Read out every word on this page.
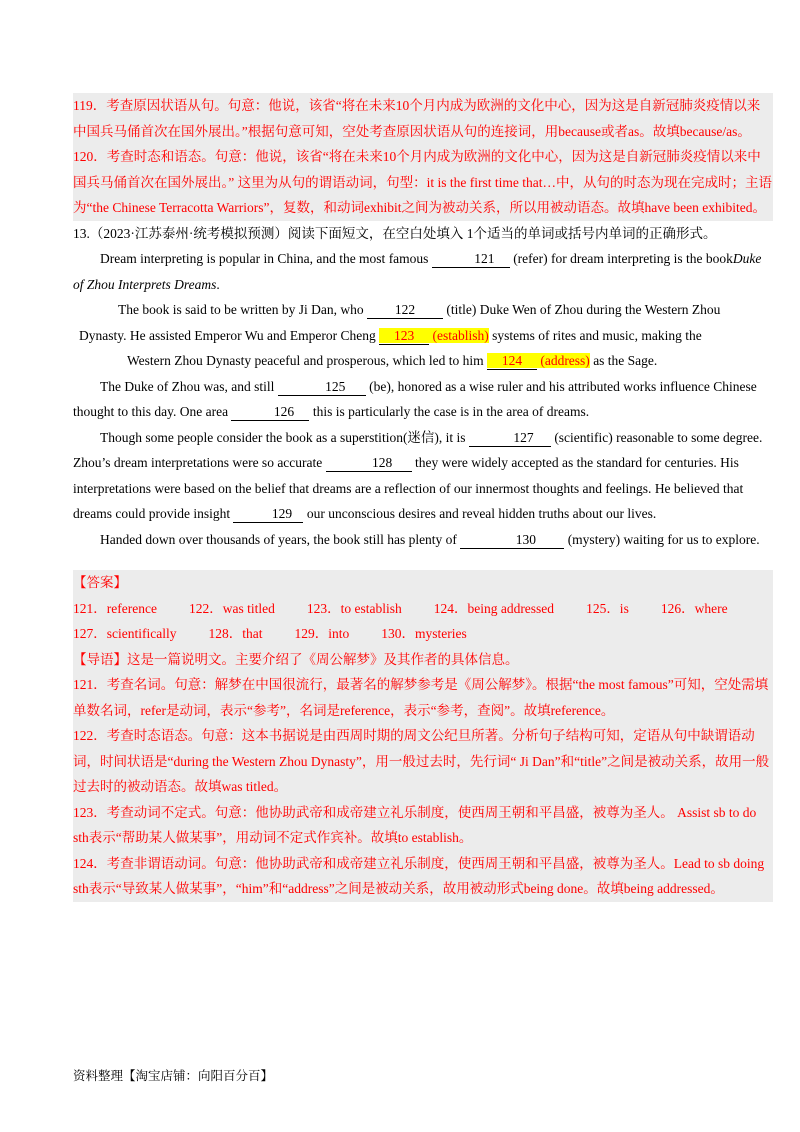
119．考查原因状语从句。句意：他说，该省“将在未来10个月内成为欧洲的文化中心，因为这是自新冠肺炎疫情以来中国兵马俑首次在国外展出。”根据句意可知，空处考查原因状语从句的连接词，用because或者as。故填because/as。

120．考查时态和语态。句意：他说，该省“将在未来10个月内成为欧洲的文化中心，因为这是自新冠肺炎疫情以来中国兵马俑首次在国外展出。” 这里为从句的谓语动词，句型：it is the first time that…中，从句的时态为现在完成时；主语为“the Chinese Terracotta Warriors”，复数，和动词exhibit之间为被动关系，所以用被动语态。故填have been exhibited。

13.（2023·江苏泰州·统考模拟预测）阅读下面短文，在空白处填入 1个适当的单词或括号内单词的正确形式。

Dream interpreting is popular in China, and the most famous	121 (refer) for dream interpreting is the bookDuke of Zhou Interprets Dreams.

The book is said to be written by Ji Dan, who 122 (title) Duke Wen of Zhou during the Western Zhou

Dynasty. He assisted Emperor Wu and Emperor Cheng 123 (establish) systems of rites and music, making the

Western Zhou Dynasty peaceful and prosperous, which led to him 124 (address) as the Sage.

The Duke of Zhou was, and still	125 (be), honored as a wise ruler and his attributed works influence Chinese thought to this day. One area	126 this is particularly the case is in the area of dreams.

Though some people consider the book as a superstition(迷信), it is	127 (scientific) reasonable to some degree. Zhou’s dream interpretations were so accurate	128 they were widely accepted as the standard for centuries. His interpretations were based on the belief that dreams are a reflection of our innermost thoughts and feelings. He believed that dreams could provide insight	129 our unconscious desires and reveal hidden truths about our lives.

Handed down over thousands of years, the book still has plenty of	130 (mystery) waiting for us to explore.

【答案】

121．reference 122．was titled 123．to establish 124．being addressed 125．is 126．where

127．scientifically 128．that 129．into 130．mysteries

【导语】这是一篇说明文。主要介绍了《周公解梦》及其作者的具体信息。

121．考查名词。句意：解梦在中国很流行，最著名的解梦参考是《周公解梦》。根据“the most famous”可知，空处需填单数名词，refer是动词，表示“参考”，名词是reference，表示“参考，查阅”。故填reference。

122．考查时态语态。句意：这本书据说是由西周时期的周文公纪旦所著。分析句子结构可知，定语从句中缺谓语动词，时间状语是“during the Western Zhou Dynasty”，用一般过去时，先行词“ Ji Dan”和“title”之间是被动关系，故用一般过去时的被动语态。故填was titled。

123．考查动词不定式。句意：他协助武帝和成帝建立礼乐制度，使西周王朝和平昌盛，被尊为圣人。 Assist sb to do sth表示“帮助某人做某事”，用动词不定式作宾补。故填to establish。

124．考查非谓语动词。句意：他协助武帝和成帝建立礼乐制度，使西周王朝和平昌盛，被尊为圣人。Lead to sb doing sth表示“导致某人做某事”，“him”和“address”之间是被动关系，故用被动形式being done。故填being addressed。

资料整理【淘宝店铺：向阳百分百】
